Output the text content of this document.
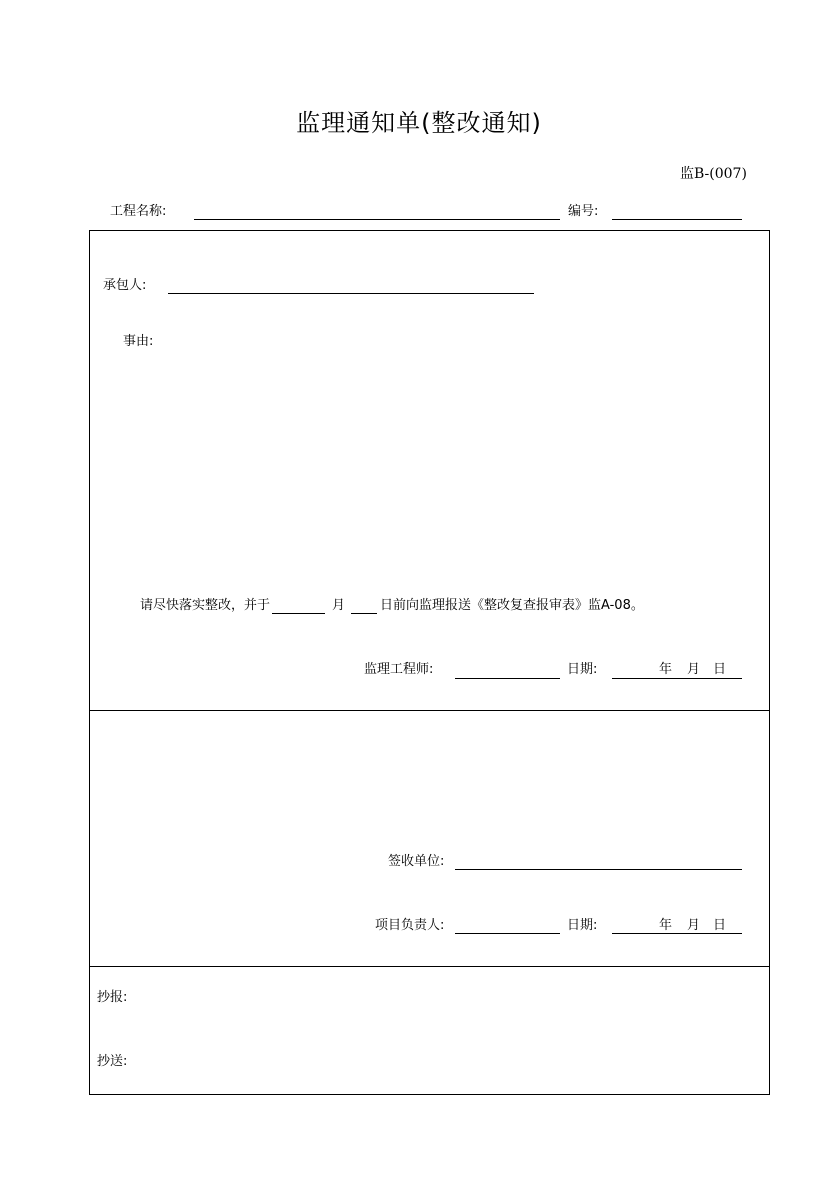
监理通知单(整改通知)
监B-(007)
工程名称:	编号:
承包人:
事由:
请尽快落实整改，并于	月	日前向监理报送《整改复查报审表》监A-08。
监理工程师:	日期:	年 月 日
签收单位:
项目负责人:	日期:	年 月 日
抄报:
抄送:
